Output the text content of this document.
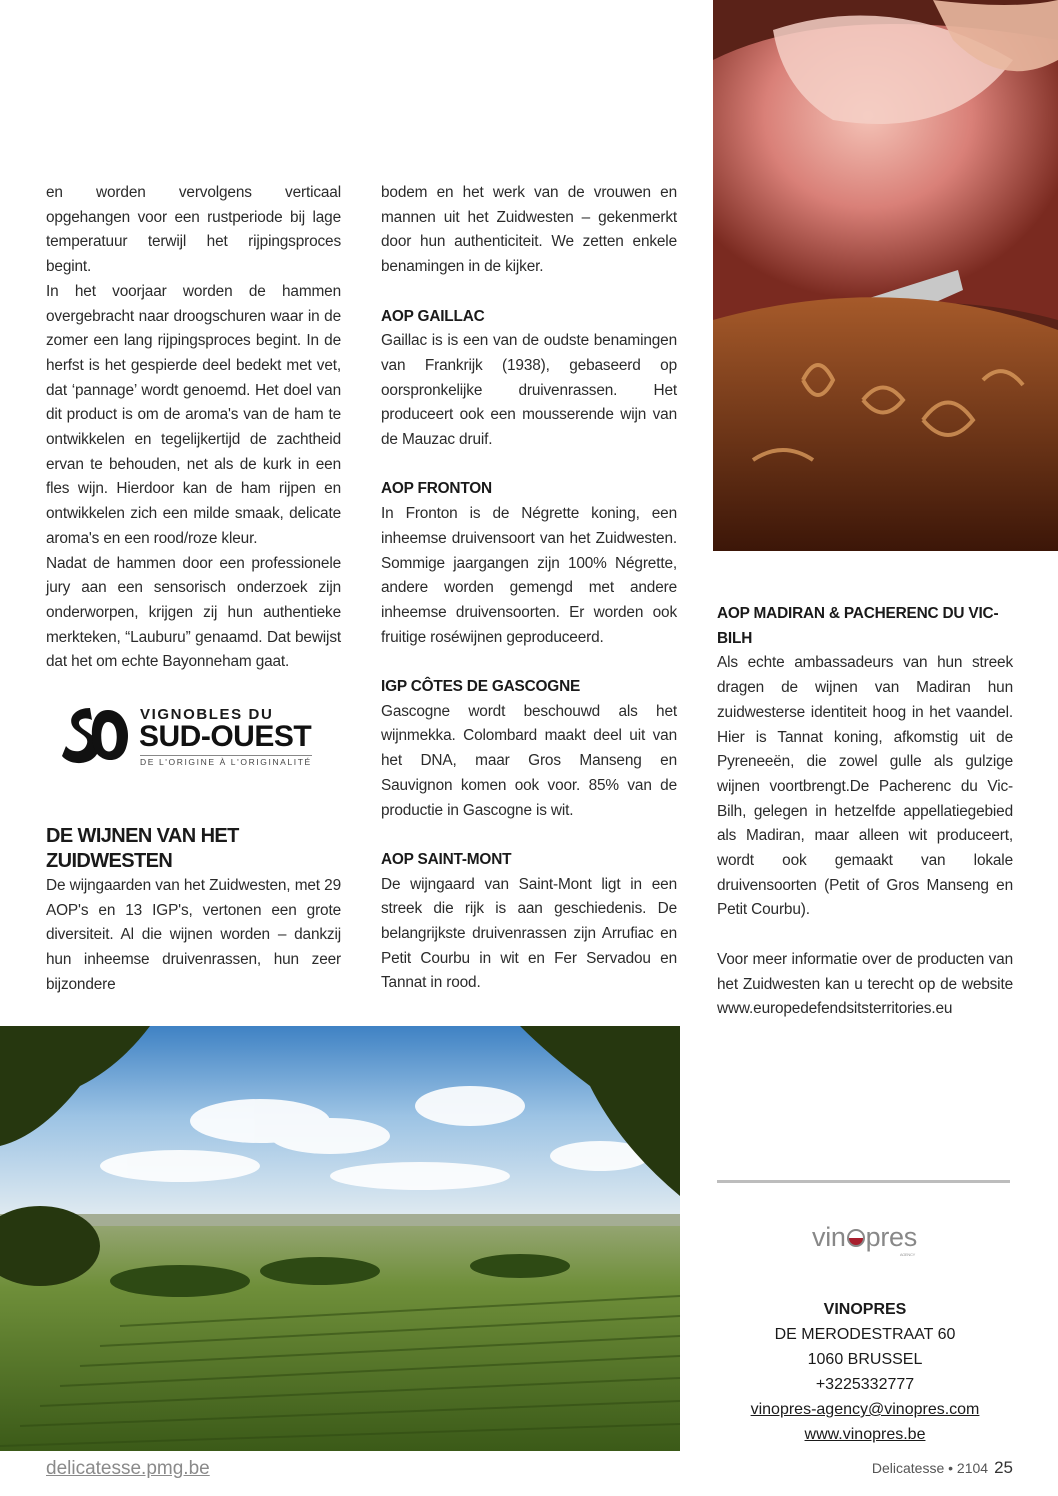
en worden vervolgens verticaal opgehangen voor een rustperiode bij lage temperatuur terwijl het rijpingsproces begint.

In het voorjaar worden de hammen overgebracht naar droogschuren waar in de zomer een lang rijpingsproces begint. In de herfst is het gespierde deel bedekt met vet, dat ‘pannage’ wordt genoemd. Het doel van dit product is om de aroma's van de ham te ontwikkelen en tegelijkertijd de zachtheid ervan te behouden, net als de kurk in een fles wijn. Hierdoor kan de ham rijpen en ontwikkelen zich een milde smaak, delicate aroma's en een rood/roze kleur.

Nadat de hammen door een professionele jury aan een sensorisch onderzoek zijn onderworpen, krijgen zij hun authentieke merkteken, “Lauburu” genaamd. Dat bewijst dat het om echte Bayonneham gaat.

VIGNOBLES DU
SUD-OUEST
DE L'ORIGINE À L'ORIGINALITÉ
DE WIJNEN VAN HET ZUIDWESTEN

De wijngaarden van het Zuidwesten, met 29 AOP's en 13 IGP's, vertonen een grote diversiteit. Al die wijnen worden – dankzij hun inheemse druivenrassen, hun zeer bijzondere

bodem en het werk van de vrouwen en mannen uit het Zuidwesten – gekenmerkt door hun authenticiteit. We zetten enkele benamingen in de kijker.

AOP GAILLAC

Gaillac is is een van de oudste benamingen van Frankrijk (1938), gebaseerd op oorspronkelijke druivenrassen. Het produceert ook een mousserende wijn van de Mauzac druif.

AOP FRONTON

In Fronton is de Négrette koning, een inheemse druivensoort van het Zuidwesten. Sommige jaargangen zijn 100% Négrette, andere worden gemengd met andere inheemse druivensoorten. Er worden ook fruitige roséwijnen geproduceerd.

IGP CÔTES DE GASCOGNE

Gascogne wordt beschouwd als het wijnmekka. Colombard maakt deel uit van het DNA, maar Gros Manseng en Sauvignon komen ook voor. 85% van de productie in Gascogne is wit.

AOP SAINT-MONT

De wijngaard van Saint-Mont ligt in een streek die rijk is aan geschiedenis. De belangrijkste druivenrassen zijn Arrufiac en Petit Courbu in wit en Fer Servadou en Tannat in rood.

AOP MADIRAN & PACHERENC DU VIC-BILH

Als echte ambassadeurs van hun streek dragen de wijnen van Madiran hun zuidwesterse identiteit hoog in het vaandel. Hier is Tannat koning, afkomstig uit de Pyreneeën, die zowel gulle als gulzige wijnen voortbrengt.De Pacherenc du Vic-Bilh, gelegen in hetzelfde appellatiegebied als Madiran, maar alleen wit produceert, wordt ook gemaakt van lokale druivensoorten (Petit of Gros Manseng en Petit Courbu).

Voor meer informatie over de producten van het Zuidwesten kan u terecht op de website www.europedefendsitsterritories.eu

vin pres
AGENCY
VINOPRES
DE MERODESTRAAT 60
1060 BRUSSEL
+3225332777
vinopres-agency@vinopres.com
www.vinopres.be
delicatesse.pmg.be	Delicatesse • 2104 25
